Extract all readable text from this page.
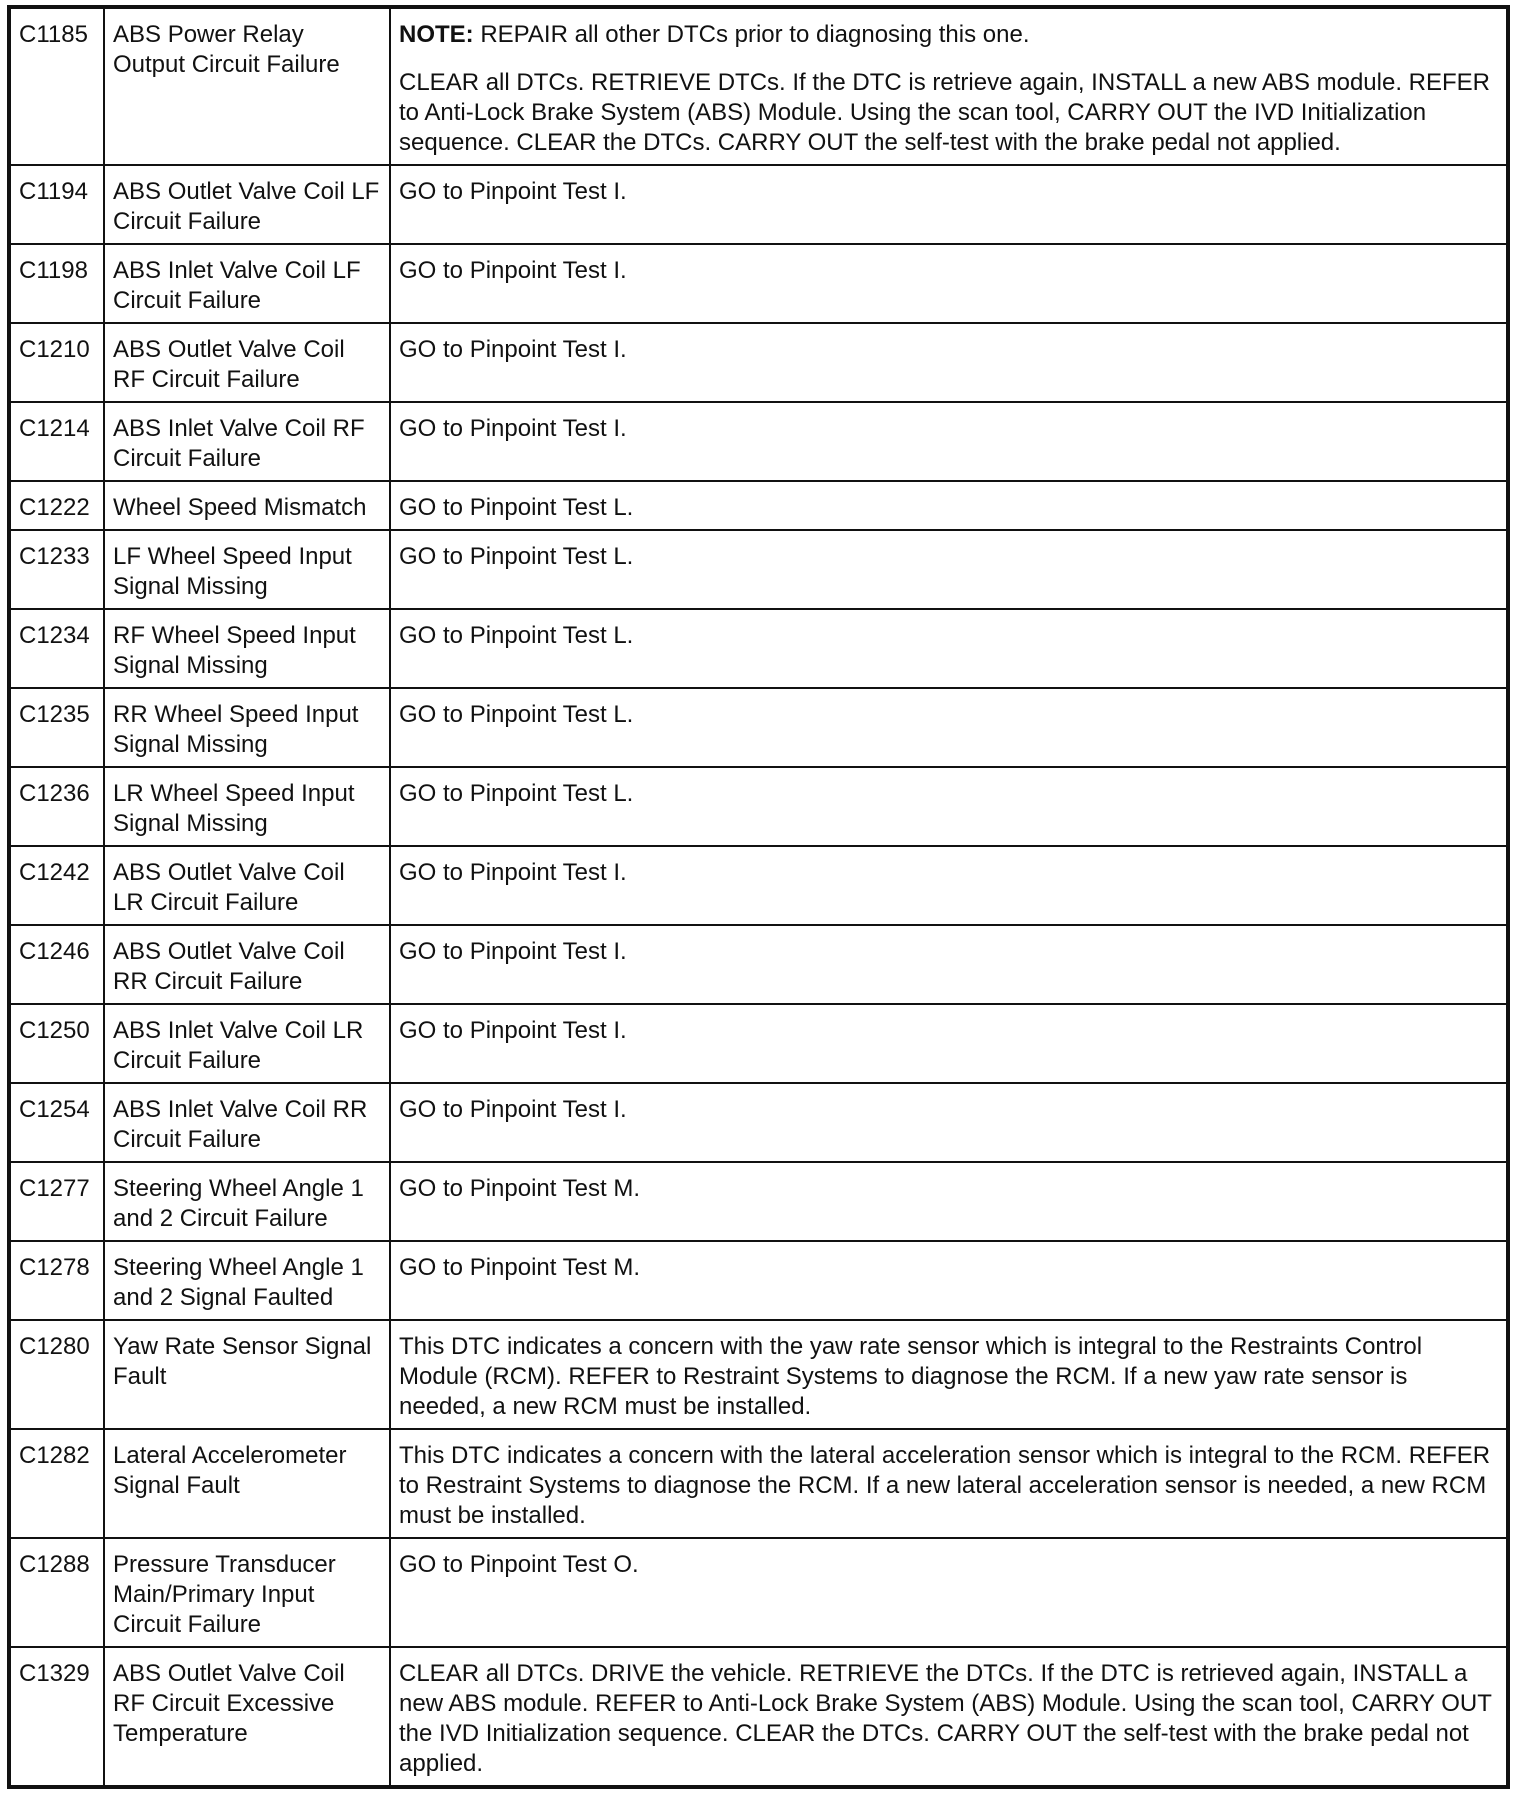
C1185	ABS Power Relay Output Circuit Failure	NOTE: REPAIR all other DTCs prior to diagnosing this one.
CLEAR all DTCs. RETRIEVE DTCs. If the DTC is retrieve again, INSTALL a new ABS module. REFER to Anti-Lock Brake System (ABS) Module. Using the scan tool, CARRY OUT the IVD Initialization sequence. CLEAR the DTCs. CARRY OUT the self-test with the brake pedal not applied.

C1194	ABS Outlet Valve Coil LF Circuit Failure	GO to Pinpoint Test I.
C1198	ABS Inlet Valve Coil LF Circuit Failure	GO to Pinpoint Test I.
C1210	ABS Outlet Valve Coil RF Circuit Failure	GO to Pinpoint Test I.
C1214	ABS Inlet Valve Coil RF Circuit Failure	GO to Pinpoint Test I.
C1222	Wheel Speed Mismatch	GO to Pinpoint Test L.
C1233	LF Wheel Speed Input Signal Missing	GO to Pinpoint Test L.
C1234	RF Wheel Speed Input Signal Missing	GO to Pinpoint Test L.
C1235	RR Wheel Speed Input Signal Missing	GO to Pinpoint Test L.
C1236	LR Wheel Speed Input Signal Missing	GO to Pinpoint Test L.
C1242	ABS Outlet Valve Coil LR Circuit Failure	GO to Pinpoint Test I.
C1246	ABS Outlet Valve Coil RR Circuit Failure	GO to Pinpoint Test I.
C1250	ABS Inlet Valve Coil LR Circuit Failure	GO to Pinpoint Test I.
C1254	ABS Inlet Valve Coil RR Circuit Failure	GO to Pinpoint Test I.
C1277	Steering Wheel Angle 1 and 2 Circuit Failure	GO to Pinpoint Test M.
C1278	Steering Wheel Angle 1 and 2 Signal Faulted	GO to Pinpoint Test M.
C1280	Yaw Rate Sensor Signal Fault	This DTC indicates a concern with the yaw rate sensor which is integral to the Restraints Control Module (RCM). REFER to Restraint Systems to diagnose the RCM. If a new yaw rate sensor is needed, a new RCM must be installed.
C1282	Lateral Accelerometer Signal Fault	This DTC indicates a concern with the lateral acceleration sensor which is integral to the RCM. REFER to Restraint Systems to diagnose the RCM. If a new lateral acceleration sensor is needed, a new RCM must be installed.
C1288	Pressure Transducer Main/Primary Input Circuit Failure	GO to Pinpoint Test O.
C1329	ABS Outlet Valve Coil RF Circuit Excessive Temperature	CLEAR all DTCs. DRIVE the vehicle. RETRIEVE the DTCs. If the DTC is retrieved again, INSTALL a new ABS module. REFER to Anti-Lock Brake System (ABS) Module. Using the scan tool, CARRY OUT the IVD Initialization sequence. CLEAR the DTCs. CARRY OUT the self-test with the brake pedal not applied.
